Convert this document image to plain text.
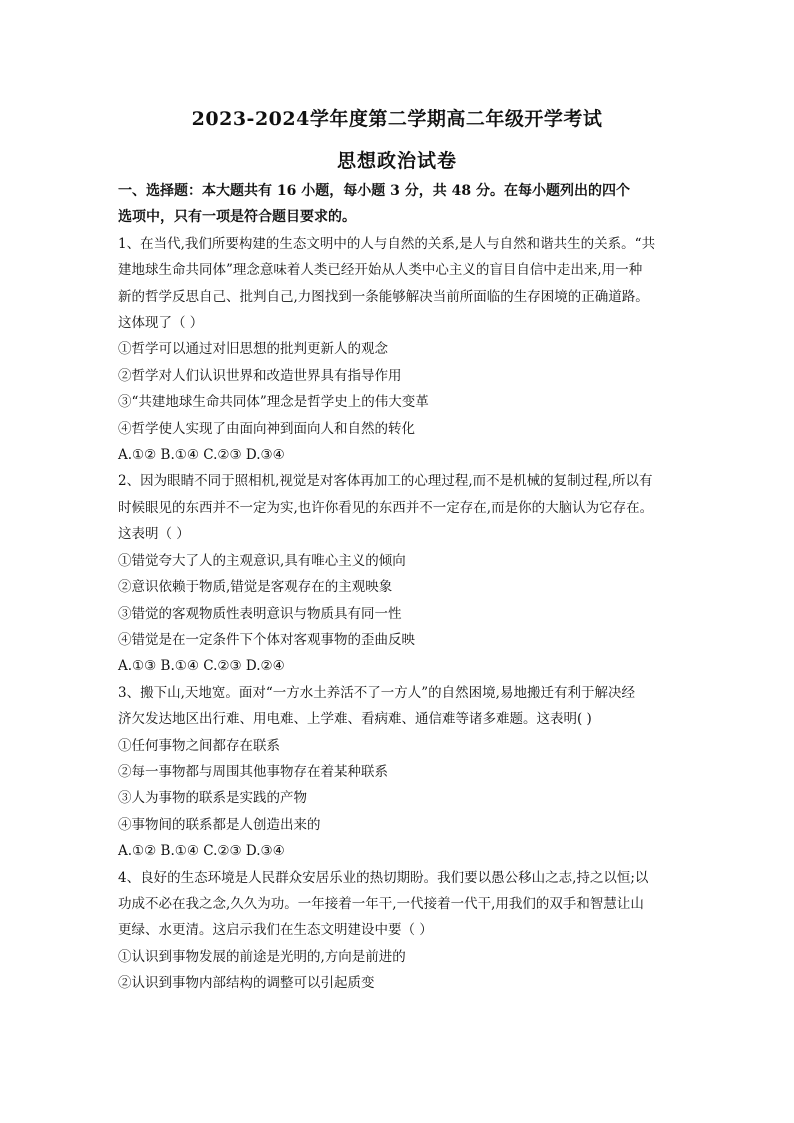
2023-2024学年度第二学期高二年级开学考试
思想政治试卷
一、选择题：本大题共有 16 小题，每小题 3 分，共 48 分。在每小题列出的四个
选项中，只有一项是符合题目要求的。
1、在当代,我们所要构建的生态文明中的人与自然的关系,是人与自然和谐共生的关系。“共
建地球生命共同体”理念意味着人类已经开始从人类中心主义的盲目自信中走出来,用一种
新的哲学反思自己、批判自己,力图找到一条能够解决当前所面临的生存困境的正确道路。
这体现了（ ）
①哲学可以通过对旧思想的批判更新人的观念
②哲学对人们认识世界和改造世界具有指导作用
③“共建地球生命共同体”理念是哲学史上的伟大变革
④哲学使人实现了由面向神到面向人和自然的转化
A.①② B.①④ C.②③ D.③④
2、因为眼睛不同于照相机,视觉是对客体再加工的心理过程,而不是机械的复制过程,所以有
时候眼见的东西并不一定为实,也许你看见的东西并不一定存在,而是你的大脑认为它存在。
这表明（ ）
①错觉夸大了人的主观意识,具有唯心主义的倾向
②意识依赖于物质,错觉是客观存在的主观映象
③错觉的客观物质性表明意识与物质具有同一性
④错觉是在一定条件下个体对客观事物的歪曲反映
A.①③ B.①④ C.②③ D.②④
3、搬下山,天地宽。面对“一方水土养活不了一方人”的自然困境,易地搬迁有利于解决经
济欠发达地区出行难、用电难、上学难、看病难、通信难等诸多难题。这表明( )
①任何事物之间都存在联系
②每一事物都与周围其他事物存在着某种联系
③人为事物的联系是实践的产物
④事物间的联系都是人创造出来的
A.①② B.①④ C.②③ D.③④
4、良好的生态环境是人民群众安居乐业的热切期盼。我们要以愚公移山之志,持之以恒;以
功成不必在我之念,久久为功。一年接着一年干,一代接着一代干,用我们的双手和智慧让山
更绿、水更清。这启示我们在生态文明建设中要（ ）
①认识到事物发展的前途是光明的,方向是前进的
②认识到事物内部结构的调整可以引起质变
